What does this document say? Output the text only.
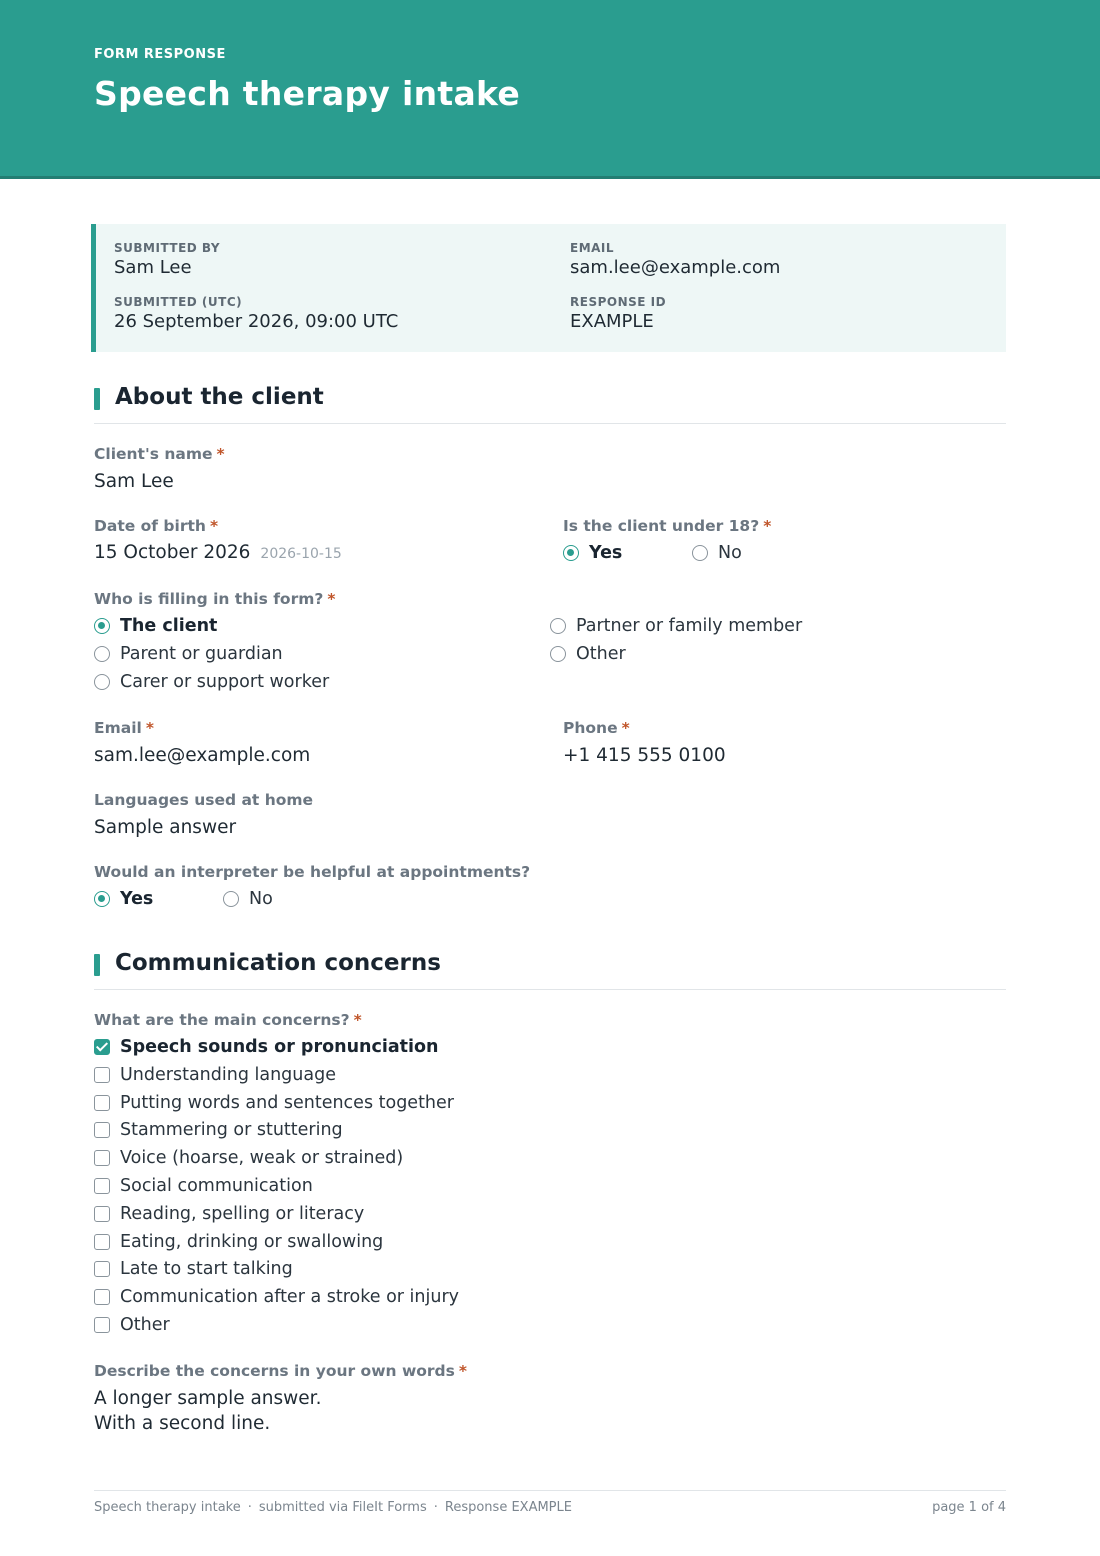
FORM RESPONSE
Speech therapy intake
SUBMITTED BY
Sam Lee
EMAIL
sam.lee@example.com
SUBMITTED (UTC)
26 September 2026, 09:00 UTC
RESPONSE ID
EXAMPLE
About the client
Client's name *
Sam Lee
Date of birth *
15 October 2026 2026-10-15
Is the client under 18? *
Yes	No
Who is filling in this form? *
The client
Parent or guardian
Carer or support worker
Partner or family member
Other
Email *
sam.lee@example.com
Phone *
+1 415 555 0100
Languages used at home
Sample answer
Would an interpreter be helpful at appointments?
Yes	No
Communication concerns
What are the main concerns? *
Speech sounds or pronunciation
Understanding language
Putting words and sentences together
Stammering or stuttering
Voice (hoarse, weak or strained)
Social communication
Reading, spelling or literacy
Eating, drinking or swallowing
Late to start talking
Communication after a stroke or injury
Other
Describe the concerns in your own words *
A longer sample answer.
With a second line.
Speech therapy intake · submitted via FileIt Forms · Response EXAMPLE	page 1 of 4
